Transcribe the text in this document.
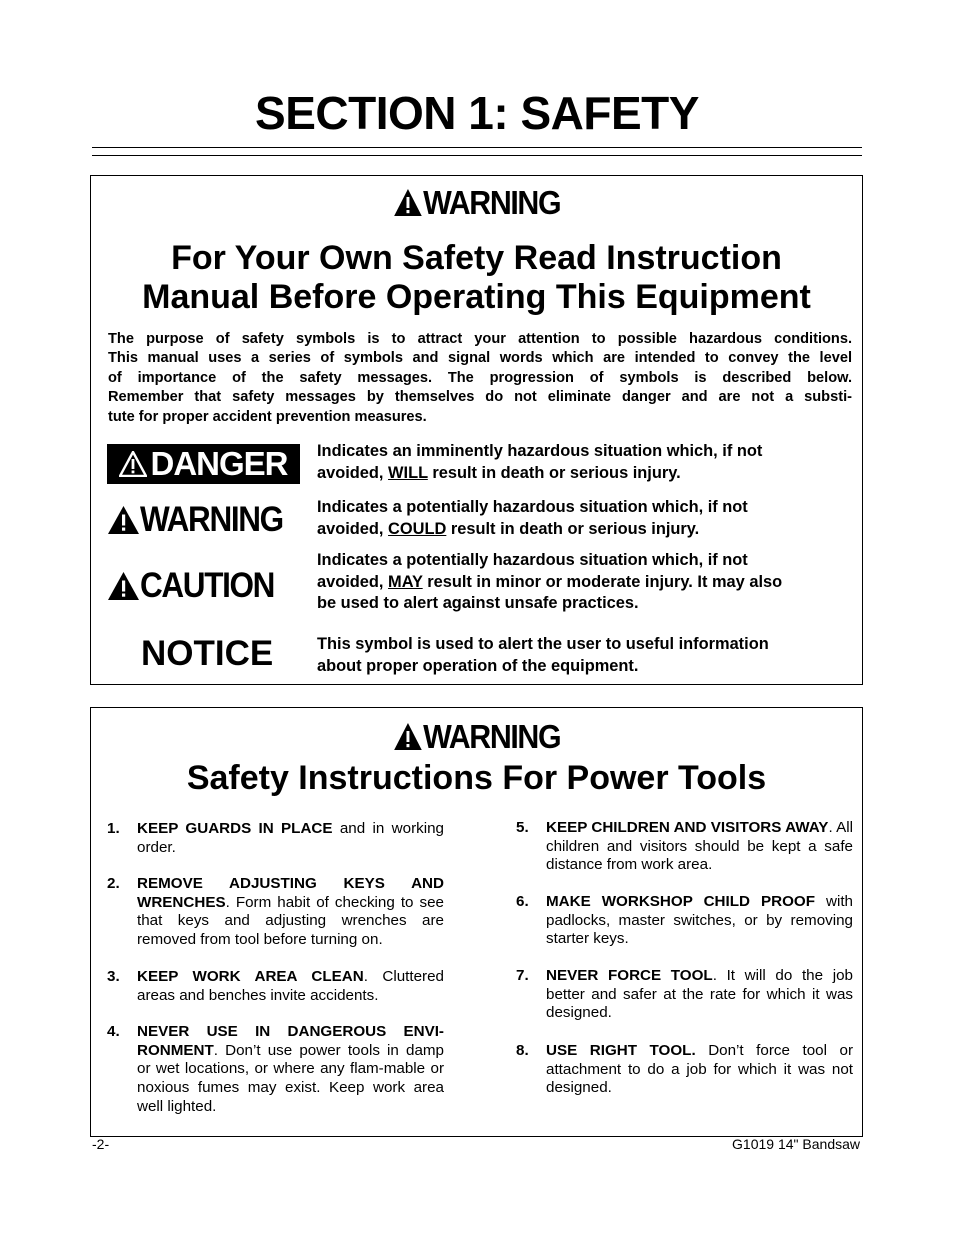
SECTION 1: SAFETY
WARNING
For Your Own Safety Read Instruction
Manual Before Operating This Equipment
The purpose of safety symbols is to attract your attention to possible hazardous conditions.
This manual uses a series of symbols and signal words which are intended to convey the level
of importance of the safety messages. The progression of symbols is described below.
Remember that safety messages by themselves do not eliminate danger and are not a substi-
tute for proper accident prevention measures.
DANGER Indicates an imminently hazardous situation which, if not
avoided, WILL result in death or serious injury.
WARNING Indicates a potentially hazardous situation which, if not
avoided, COULD result in death or serious injury.
CAUTION
Indicates a potentially hazardous situation which, if not
avoided, MAY result in minor or moderate injury. It may also
be used to alert against unsafe practices.
NOTICE	This symbol is used to alert the user to useful information
about proper operation of the equipment.
WARNING
Safety Instructions For Power Tools
1. KEEP GUARDS IN PLACE and in working order.
2. REMOVE ADJUSTING KEYS AND WRENCHES. Form habit of checking to see that keys and adjusting wrenches are removed from tool before turning on.
3. KEEP WORK AREA CLEAN. Cluttered areas and benches invite accidents.
4. NEVER USE IN DANGEROUS ENVI-RONMENT. Don’t use power tools in damp or wet locations, or where any flam-mable or noxious fumes may exist. Keep work area well lighted.
5. KEEP CHILDREN AND VISITORS AWAY. All children and visitors should be kept a safe distance from work area.
6. MAKE WORKSHOP CHILD PROOF with padlocks, master switches, or by removing starter keys.
7. NEVER FORCE TOOL. It will do the job better and safer at the rate for which it was designed.
8. USE RIGHT TOOL. Don’t force tool or attachment to do a job for which it was not designed.
-2-	G1019 14" Bandsaw
